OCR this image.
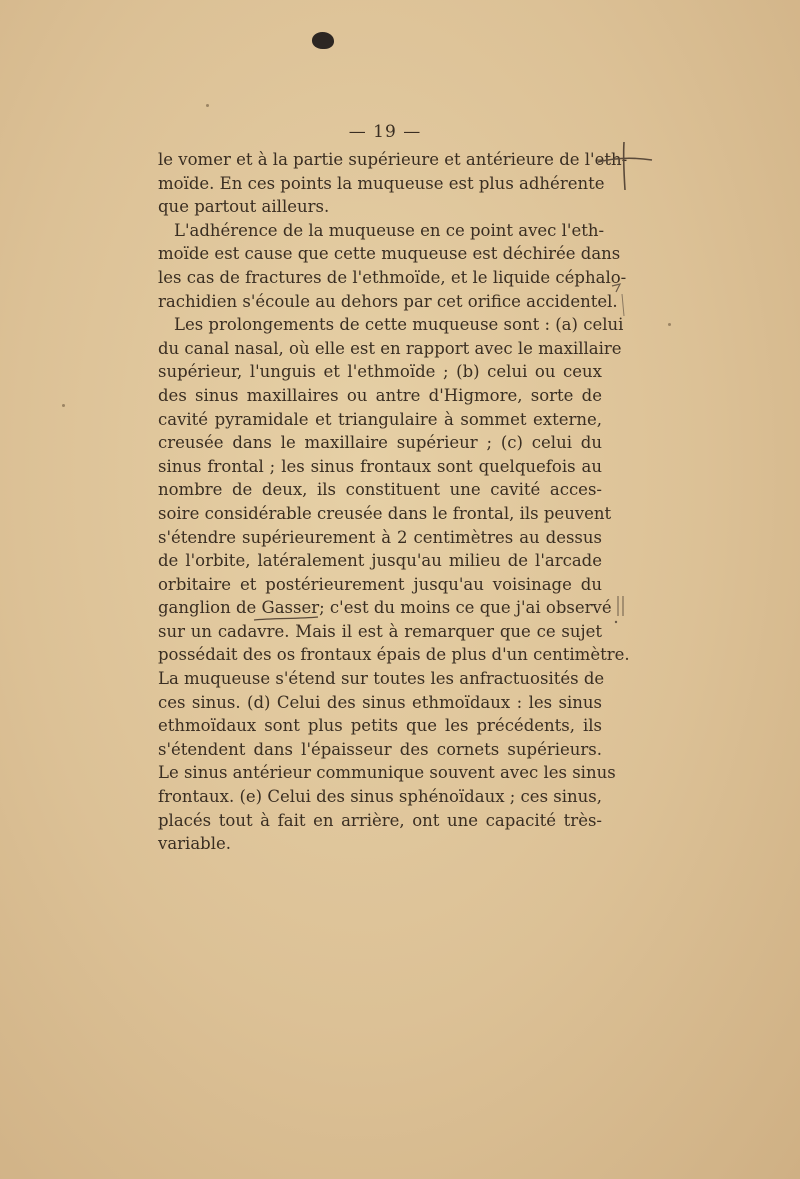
— 19 —
le vomer et à la partie supérieure et antérieure de l'eth-
moïde. En ces points la muqueuse est plus adhérente
que partout ailleurs.
L'adhérence de la muqueuse en ce point avec l'eth-
moïde est cause que cette muqueuse est déchirée dans
les cas de fractures de l'ethmoïde, et le liquide céphalo-
rachidien s'écoule au dehors par cet orifice accidentel.
Les prolongements de cette muqueuse sont : (a) celui
du canal nasal, où elle est en rapport avec le maxillaire
supérieur, l'unguis et l'ethmoïde ; (b) celui ou ceux
des sinus maxillaires ou antre d'Higmore, sorte de
cavité pyramidale et triangulaire à sommet externe,
creusée dans le maxillaire supérieur ; (c) celui du
sinus frontal ; les sinus frontaux sont quelquefois au
nombre de deux, ils constituent une cavité acces-
soire considérable creusée dans le frontal, ils peuvent
s'étendre supérieurement à 2 centimètres au dessus
de l'orbite, latéralement jusqu'au milieu de l'arcade
orbitaire et postérieurement jusqu'au voisinage du
ganglion de Gasser; c'est du moins ce que j'ai observé
sur un cadavre. Mais il est à remarquer que ce sujet
possédait des os frontaux épais de plus d'un centimètre.
La muqueuse s'étend sur toutes les anfractuosités de
ces sinus. (d) Celui des sinus ethmoïdaux : les sinus
ethmoïdaux sont plus petits que les précédents, ils
s'étendent dans l'épaisseur des cornets supérieurs.
Le sinus antérieur communique souvent avec les sinus
frontaux. (e) Celui des sinus sphénoïdaux ; ces sinus,
placés tout à fait en arrière, ont une capacité très-
variable.
